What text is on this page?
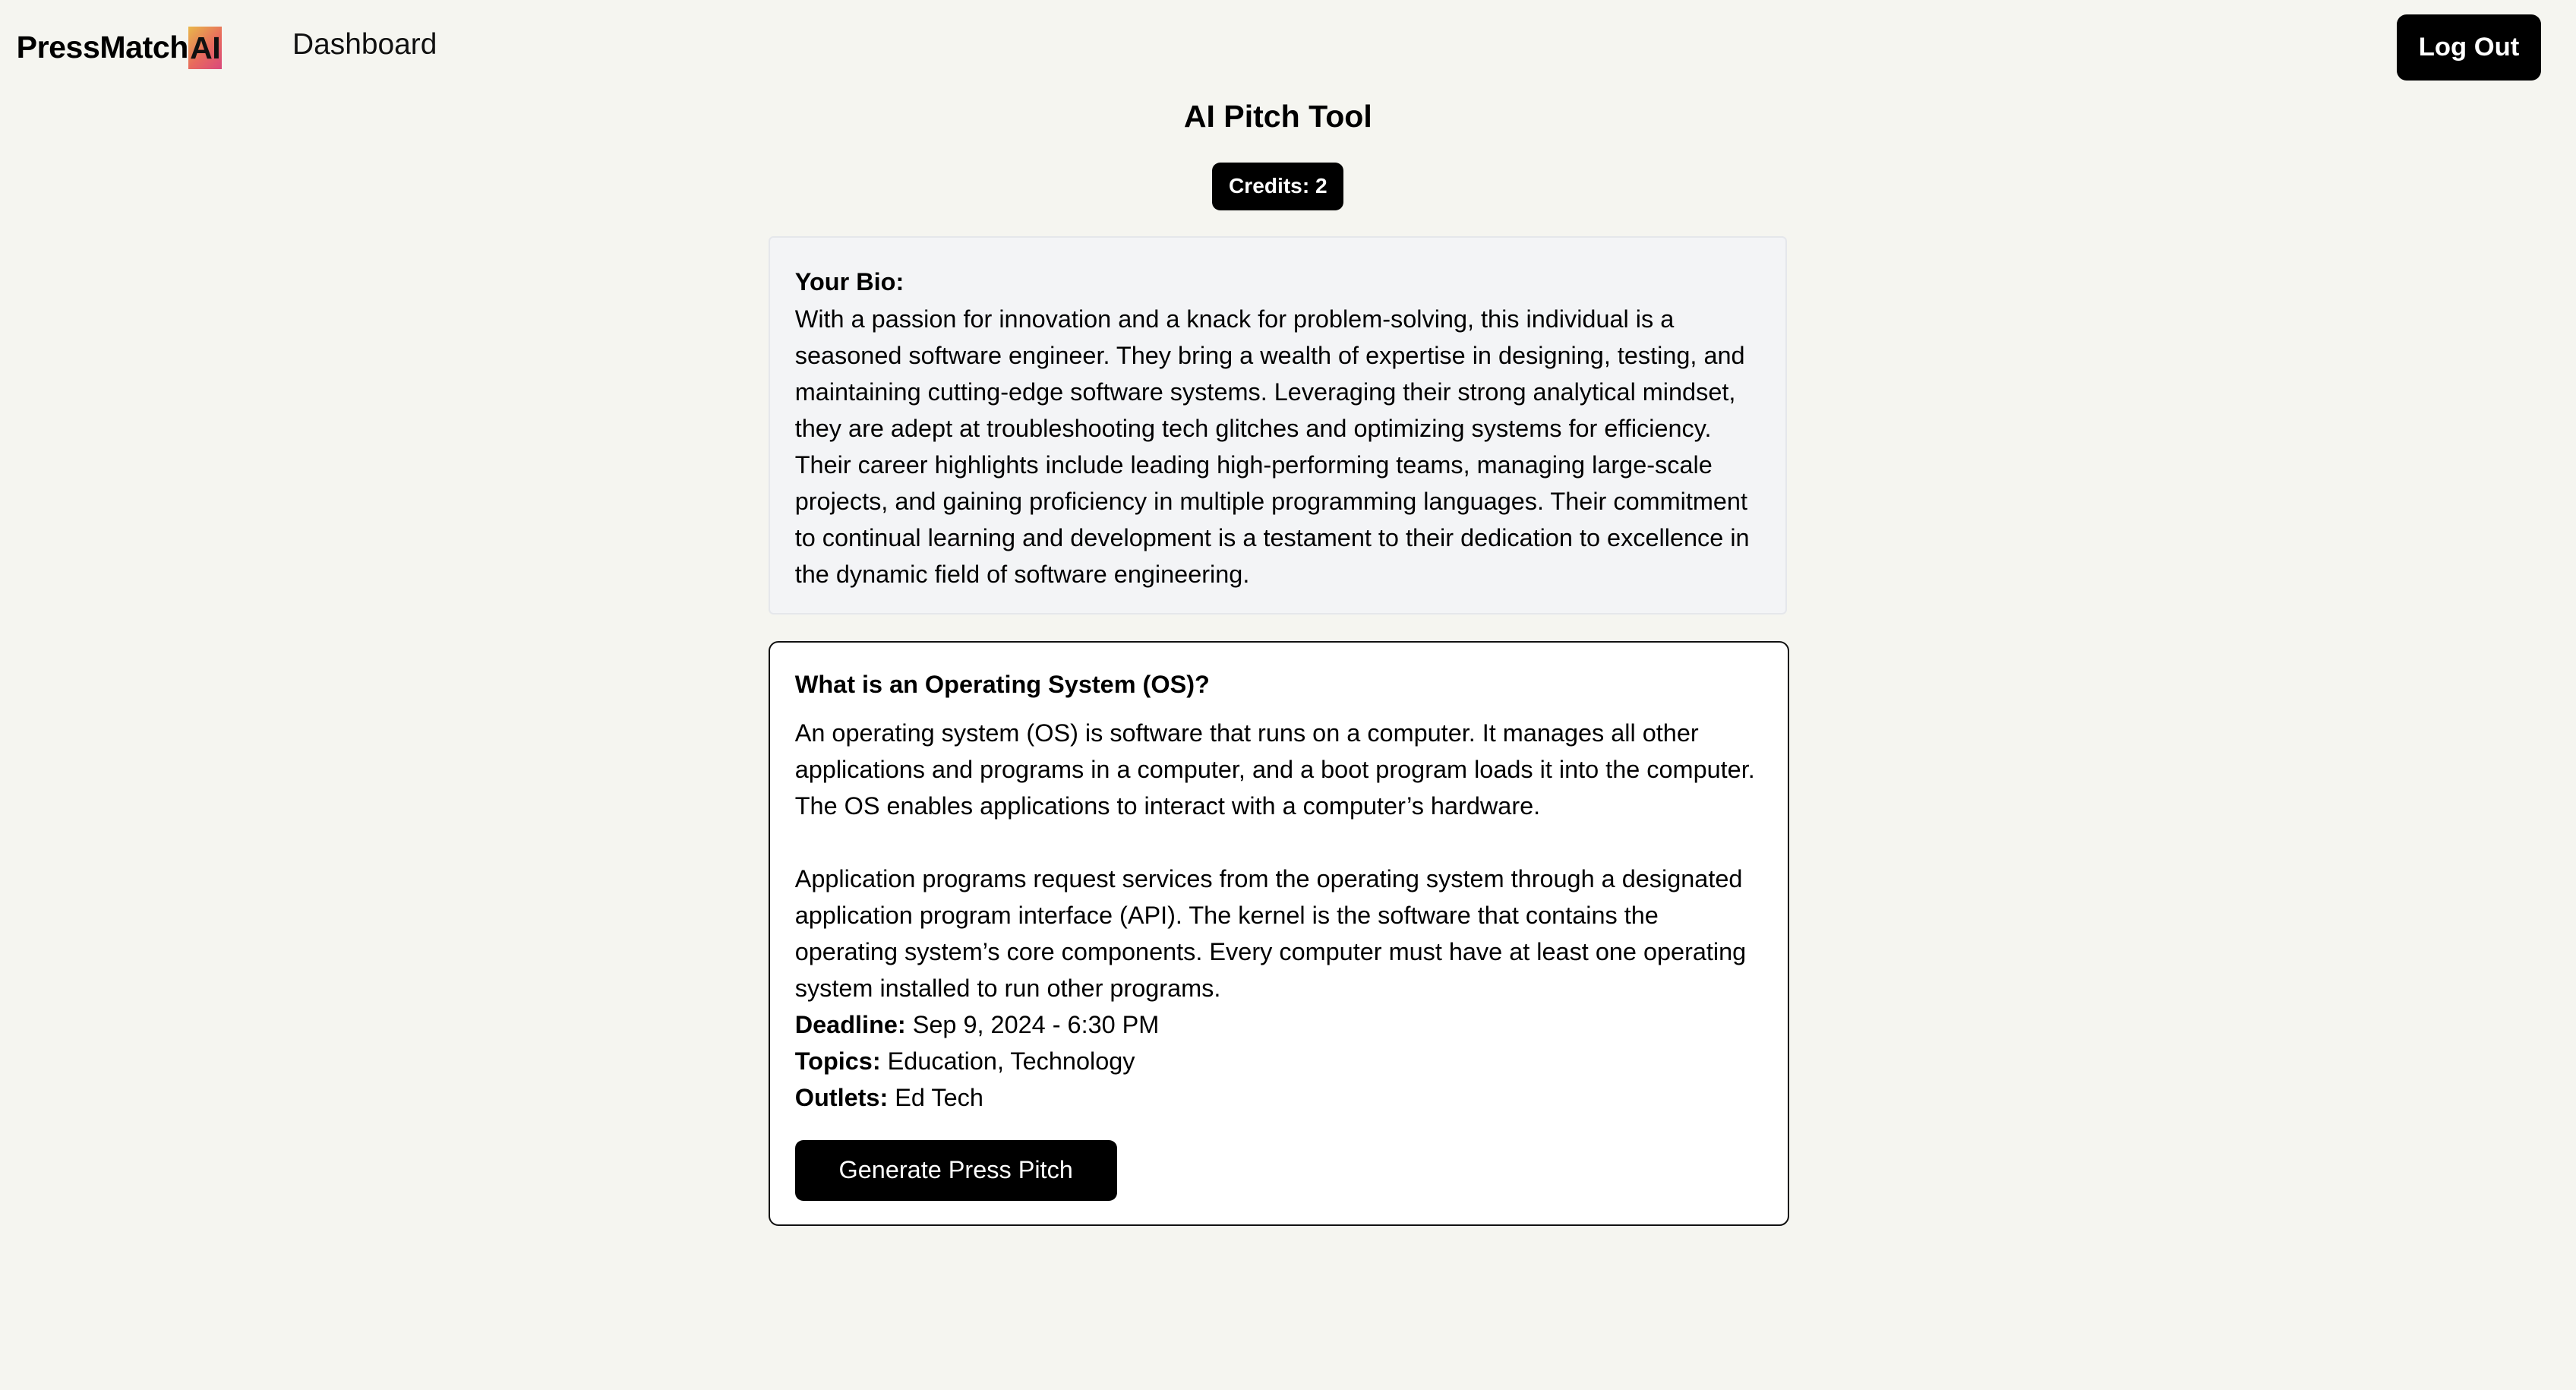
PressMatch AI	Dashboard	Log Out
AI Pitch Tool
Credits: 2
Your Bio:
With a passion for innovation and a knack for problem-solving, this individual is a seasoned software engineer. They bring a wealth of expertise in designing, testing, and maintaining cutting-edge software systems. Leveraging their strong analytical mindset, they are adept at troubleshooting tech glitches and optimizing systems for efficiency. Their career highlights include leading high-performing teams, managing large-scale projects, and gaining proficiency in multiple programming languages. Their commitment to continual learning and development is a testament to their dedication to excellence in the dynamic field of software engineering.
What is an Operating System (OS)?
An operating system (OS) is software that runs on a computer. It manages all other applications and programs in a computer, and a boot program loads it into the computer. The OS enables applications to interact with a computer’s hardware.

Application programs request services from the operating system through a designated application program interface (API). The kernel is the software that contains the operating system’s core components. Every computer must have at least one operating system installed to run other programs.
Deadline: Sep 9, 2024 - 6:30 PM
Topics: Education, Technology
Outlets: Ed Tech
Generate Press Pitch
